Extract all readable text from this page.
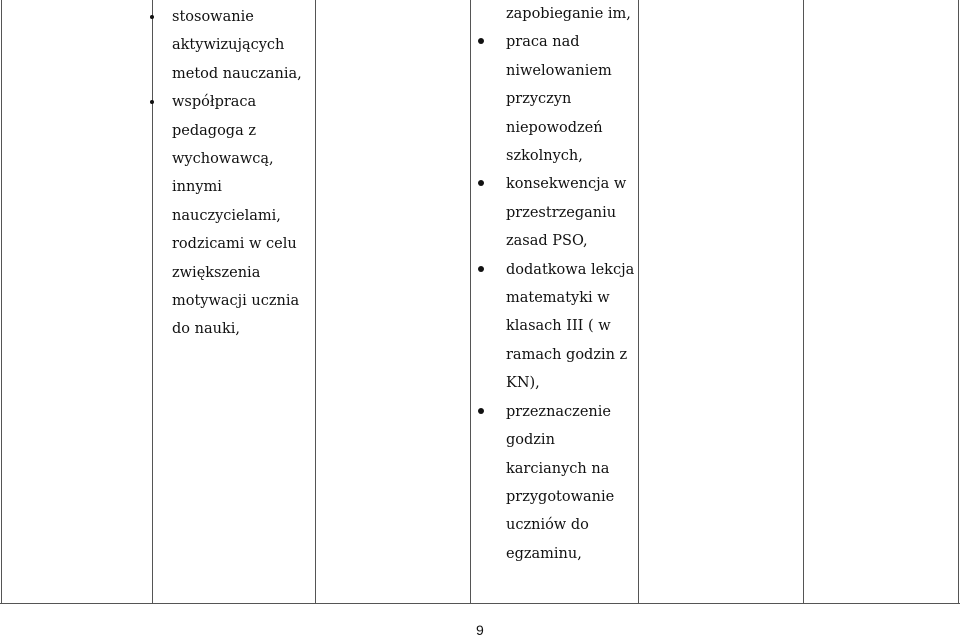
stosowanie aktywizujących metod nauczania,
współpraca pedagoga z wychowawcą, innymi nauczycielami, rodzicami w celu zwiększenia motywacji ucznia do nauki,
zapobieganie im,
praca nad niwelowaniem przyczyn niepowodzeń szkolnych,
konsekwencja w przestrzeganiu zasad PSO,
dodatkowa lekcja matematyki w klasach III ( w ramach godzin z KN),
przeznaczenie godzin karcianych na przygotowanie uczniów do egzaminu,
9
